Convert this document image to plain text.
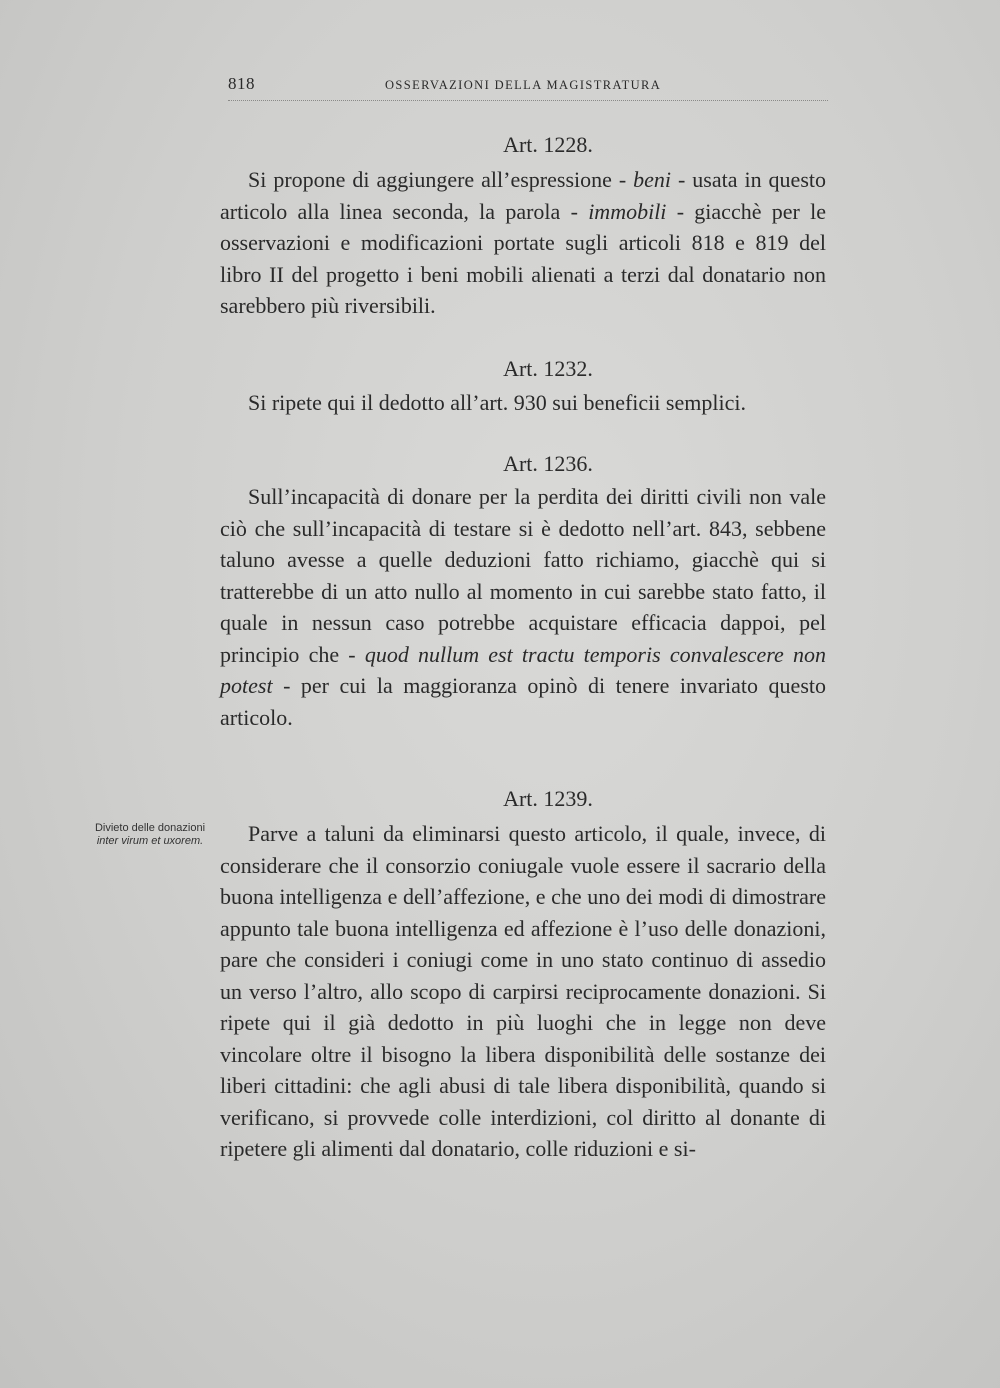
818	OSSERVAZIONI DELLA MAGISTRATURA
Art. 1228.
Si propone di aggiungere all’espressione - beni - usata in questo articolo alla linea seconda, la parola - immobili - giacchè per le osservazioni e modificazioni portate sugli articoli 818 e 819 del libro II del progetto i beni mobili alienati a terzi dal donatario non sarebbero più riversibili.
Art. 1232.
Si ripete qui il dedotto all’art. 930 sui beneficii semplici.
Art. 1236.
Sull’incapacità di donare per la perdita dei diritti civili non vale ciò che sull’incapacità di testare si è dedotto nell’art. 843, sebbene taluno avesse a quelle deduzioni fatto richiamo, giacchè qui si tratterebbe di un atto nullo al momento in cui sarebbe stato fatto, il quale in nessun caso potrebbe acquistare efficacia dappoi, pel principio che - quod nullum est tractu temporis convalescere non potest - per cui la maggioranza opinò di tenere invariato questo articolo.
Art. 1239.
Parve a taluni da eliminarsi questo articolo, il quale, invece, di considerare che il consorzio coniugale vuole essere il sacrario della buona intelligenza e dell’affezione, e che uno dei modi di dimostrare appunto tale buona intelligenza ed affezione è l’uso delle donazioni, pare che consideri i coniugi come in uno stato continuo di assedio un verso l’altro, allo scopo di carpirsi reciprocamente donazioni. Si ripete qui il già dedotto in più luoghi che in legge non deve vincolare oltre il bisogno la libera disponibilità delle sostanze dei liberi cittadini: che agli abusi di tale libera disponibilità, quando si verificano, si provvede colle interdizioni, col diritto al donante di ripetere gli alimenti dal donatario, colle riduzioni e si-
Divieto delle donazioni inter virum et uxorem.
